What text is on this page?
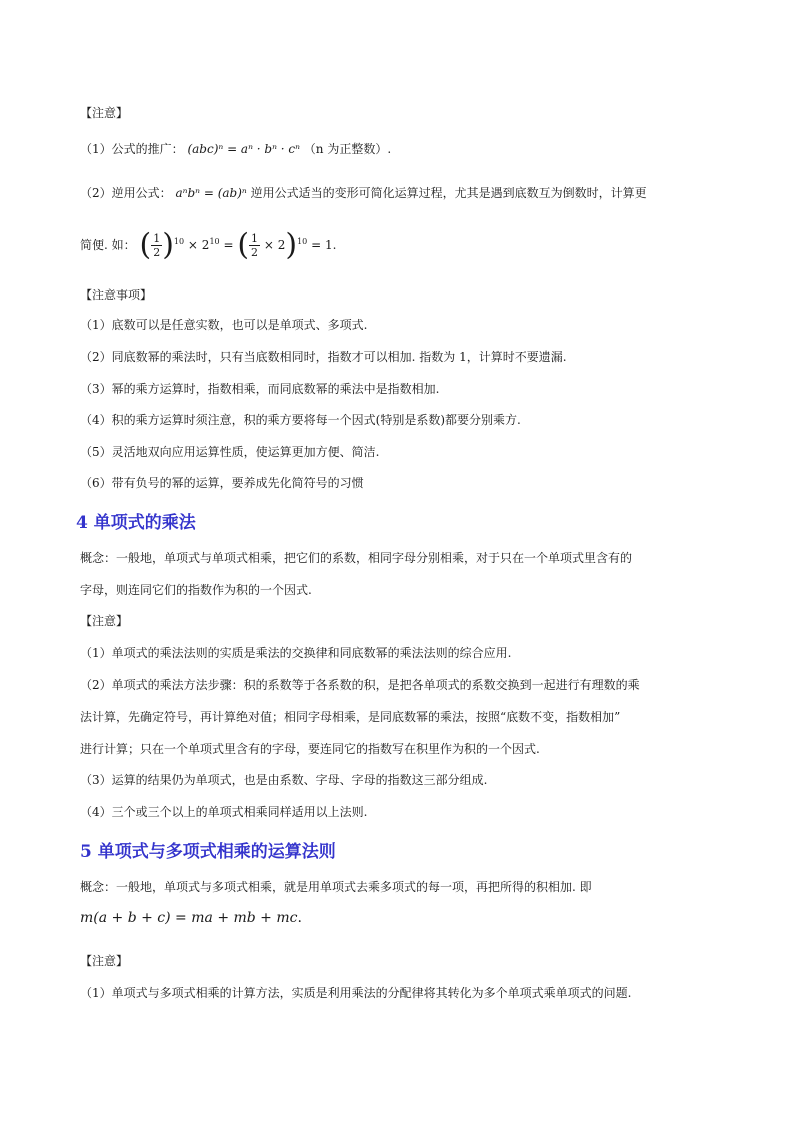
【注意】
（1）公式的推广： (abc)ⁿ = aⁿ · bⁿ · cⁿ （n 为正整数）.
（2）逆用公式： aⁿbⁿ = (ab)ⁿ 逆用公式适当的变形可简化运算过程，尤其是遇到底数互为倒数时，计算更
简便. 如： ( $\frac{1}{2} )^{10} \times 2^{10}$ = ( $\frac{1}{2} \times 2)^{10} = 1$.
【注意事项】
（1）底数可以是任意实数，也可以是单项式、多项式.
（2）同底数幂的乘法时，只有当底数相同时，指数才可以相加. 指数为 1，计算时不要遗漏.
（3）幂的乘方运算时，指数相乘，而同底数幂的乘法中是指数相加.
（4）积的乘方运算时须注意，积的乘方要将每一个因式(特别是系数)都要分别乘方.
（5）灵活地双向应用运算性质，使运算更加方便、简洁.
（6）带有负号的幂的运算，要养成先化简符号的习惯
4 单项式的乘法
概念：一般地，单项式与单项式相乘，把它们的系数，相同字母分别相乘，对于只在一个单项式里含有的
字母，则连同它们的指数作为积的一个因式.
【注意】
（1）单项式的乘法法则的实质是乘法的交换律和同底数幂的乘法法则的综合应用.
（2）单项式的乘法方法步骤：积的系数等于各系数的积，是把各单项式的系数交换到一起进行有理数的乘
法计算，先确定符号，再计算绝对值；相同字母相乘，是同底数幂的乘法，按照“底数不变，指数相加”
进行计算；只在一个单项式里含有的字母，要连同它的指数写在积里作为积的一个因式.
（3）运算的结果仍为单项式，也是由系数、字母、字母的指数这三部分组成.
（4）三个或三个以上的单项式相乘同样适用以上法则.
5 单项式与多项式相乘的运算法则
概念：一般地，单项式与多项式相乘，就是用单项式去乘多项式的每一项，再把所得的积相加. 即
m(a + b + c) = ma + mb + mc.
【注意】
（1）单项式与多项式相乘的计算方法，实质是利用乘法的分配律将其转化为多个单项式乘单项式的问题.
